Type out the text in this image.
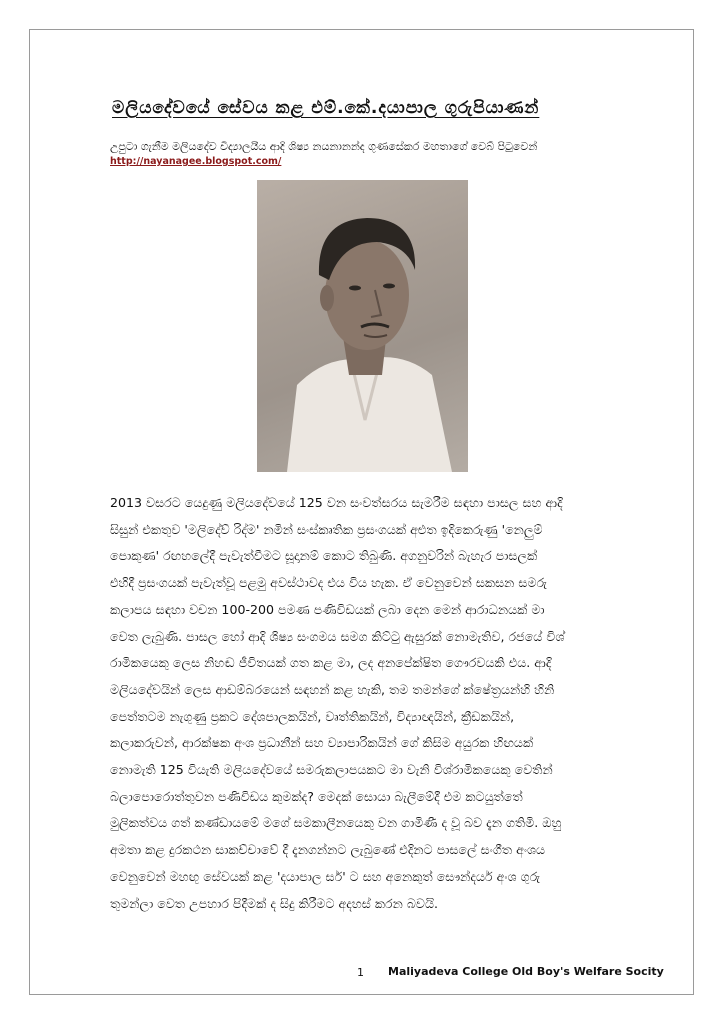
මලියදේවයේ සේවය කළ එම්.කේ.දයාපාල ගුරුපියාණන්
උපුටා ගැනීම මලියදේව විද්‍යාලයීය ආදි ශිෂ්‍ය නයනානන්ද ගුණසේකර මහතාගේ වෙබ් පිටුවෙන්
http://nayanagee.blogspot.com/
2013 වසරට යෙදුණු මලියදේවයේ 125 වන සංවත්සරය සැමරීම සඳහා පාසල සහ ආදි
සිසුන් එකතුව 'මලිදේව් රිද්ම' නමින් සංස්කෘතික ප්‍රසංගයක් අළුත ඉදිකෙරුණු 'නෙලුම්
පොකුණ' රඟහලේදී පැවැත්වීමට සූදානම් කොට තිබුණි. අගනුවරින් බැහැර පාසලක්
එහිදී ප්‍රසංගයක් පැවැත්වූ පළමු අවස්ථාවද එය විය හැක. ඒ වෙනුවෙන් සකසන සමරු
කලාපය සඳහා වචන 100-200 පමණ පණිවිඩයක් ලබා දෙන මෙන් ආරාධනයක් මා
වෙත ලැබුණි. පාසල හෝ ආදි ශිෂ්‍ය සංගමය සමග කිට්ටු ඇසුරක් නොමැතිව, රජයේ විශ්
රාමිකයෙකු ලෙස නිහඬ ජීවිතයක් ගත කළ මා, ලද අනපේක්ෂිත ගෞරවයකි එය. ආදි
මලියදේවයින් ලෙස ආඩම්බරයෙන් සඳහන් කළ හැකි, තම තමන්ගේ ක්ෂේත්‍රයන්හි හිනි
පෙත්තටම නැගුණු ප්‍රකට දේශපාලකයින්, වෘත්තිකයින්, විද්‍යාඥයින්, ක්‍රීඩකයින්,
කලාකරුවන්, ආරක්ෂක අංශ ප්‍රධානීන් සහ ව්‍යාපාරිකයින් ගේ කිසිම අයුරක හිඟයක්
නොමැති 125 වියැති මලියදේවයේ සමරුකලාපයකට මා වැනි විශ්රාමිකයෙකු වෙතින්
බලාපොරොත්තුවන පණිවිඩය කුමක්ද? මෙදක් සොයා බැලීමේදී එම කටයුත්තේ
මුලිකත්වය ගත් කණ්ඩායමේ මගේ සමකාලීනයෙකු වන ගාමිණී ද වූ බව දැන ගතිමි. ඔහු
අමතා කළ දුරකථන සාකච්චාවේ දී දැනගන්නට ලැබුණේ එදිනට පාසලේ සංගීත අංශය
වෙනුවෙන් මහඟු සේවයක් කළ 'දයාපාල සර්' ට සහ අනෙකුත් සෞන්දර්ය අංශ ගුරු
තුමන්ලා වෙත උපහාර පිදීමක් ද සිදු කිරීමට අදහස් කරන බවයි.
1 Maliyadeva College Old Boy's Welfare Socity
